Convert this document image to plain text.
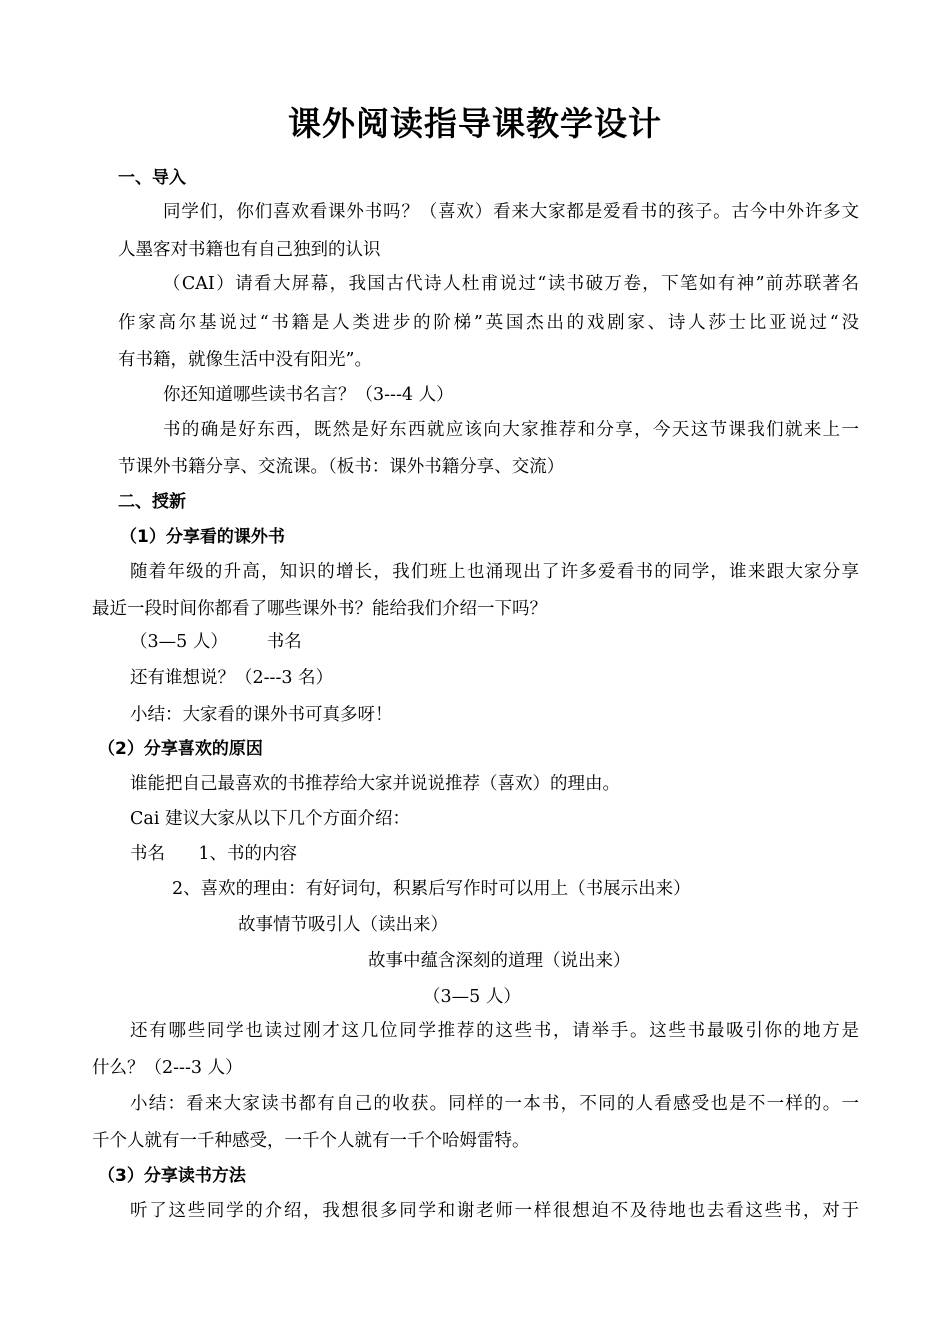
课外阅读指导课教学设计
一、导入
同学们，你们喜欢看课外书吗？（喜欢）看来大家都是爱看书的孩子。古今中外许多文
人墨客对书籍也有自己独到的认识
（CAI）请看大屏幕，我国古代诗人杜甫说过“读书破万卷，下笔如有神”前苏联著名
作家高尔基说过“书籍是人类进步的阶梯”英国杰出的戏剧家、诗人莎士比亚说过“没
有书籍，就像生活中没有阳光”。
你还知道哪些读书名言？（3---4 人）
书的确是好东西，既然是好东西就应该向大家推荐和分享，今天这节课我们就来上一
节课外书籍分享、交流课。（板书：课外书籍分享、交流）
二、授新
（1）分享看的课外书
随着年级的升高，知识的增长，我们班上也涌现出了许多爱看书的同学，谁来跟大家分享
最近一段时间你都看了哪些课外书？能给我们介绍一下吗？
（3—5 人）       书名
还有谁想说？（2---3 名）
小结：大家看的课外书可真多呀！
（2）分享喜欢的原因
谁能把自己最喜欢的书推荐给大家并说说推荐（喜欢）的理由。
Cai 建议大家从以下几个方面介绍：
书名      1、书的内容
2、喜欢的理由：有好词句，积累后写作时可以用上（书展示出来）
故事情节吸引人（读出来）
故事中蕴含深刻的道理（说出来）
（3—5 人）
还有哪些同学也读过刚才这几位同学推荐的这些书，请举手。这些书最吸引你的地方是
什么？（2---3 人）
小结：看来大家读书都有自己的收获。同样的一本书，不同的人看感受也是不一样的。一
千个人就有一千种感受，一千个人就有一千个哈姆雷特。
（3）分享读书方法
听了这些同学的介绍，我想很多同学和谢老师一样很想迫不及待地也去看这些书，对于
